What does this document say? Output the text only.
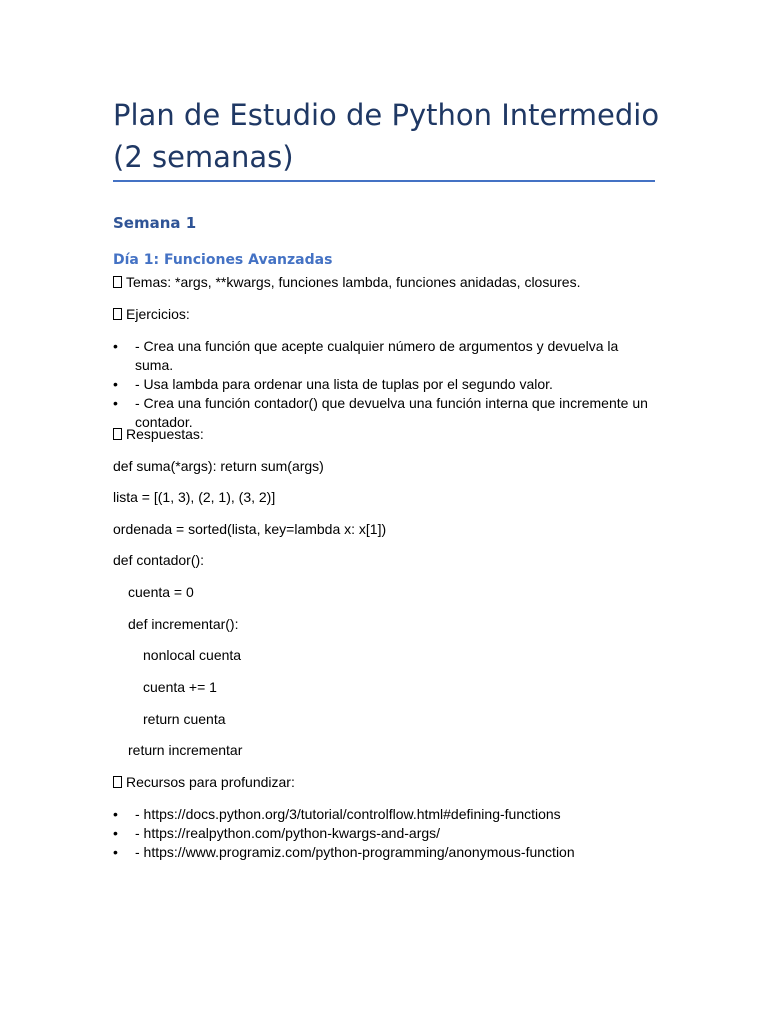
Plan de Estudio de Python Intermedio (2 semanas)
Semana 1
Día 1: Funciones Avanzadas

Temas: *args, **kwargs, funciones lambda, funciones anidadas, closures.

Ejercicios:

• - Crea una función que acepte cualquier número de argumentos y devuelva la suma.
• - Usa lambda para ordenar una lista de tuplas por el segundo valor.
• - Crea una función contador() que devuelva una función interna que incremente un contador.

Respuestas:

def suma(*args): return sum(args)

lista = [(1, 3), (2, 1), (3, 2)]

ordenada = sorted(lista, key=lambda x: x[1])

def contador():

cuenta = 0

def incrementar():

nonlocal cuenta

cuenta += 1

return cuenta

return incrementar

Recursos para profundizar:

• - https://docs.python.org/3/tutorial/controlflow.html#defining-functions
• - https://realpython.com/python-kwargs-and-args/
• - https://www.programiz.com/python-programming/anonymous-function
